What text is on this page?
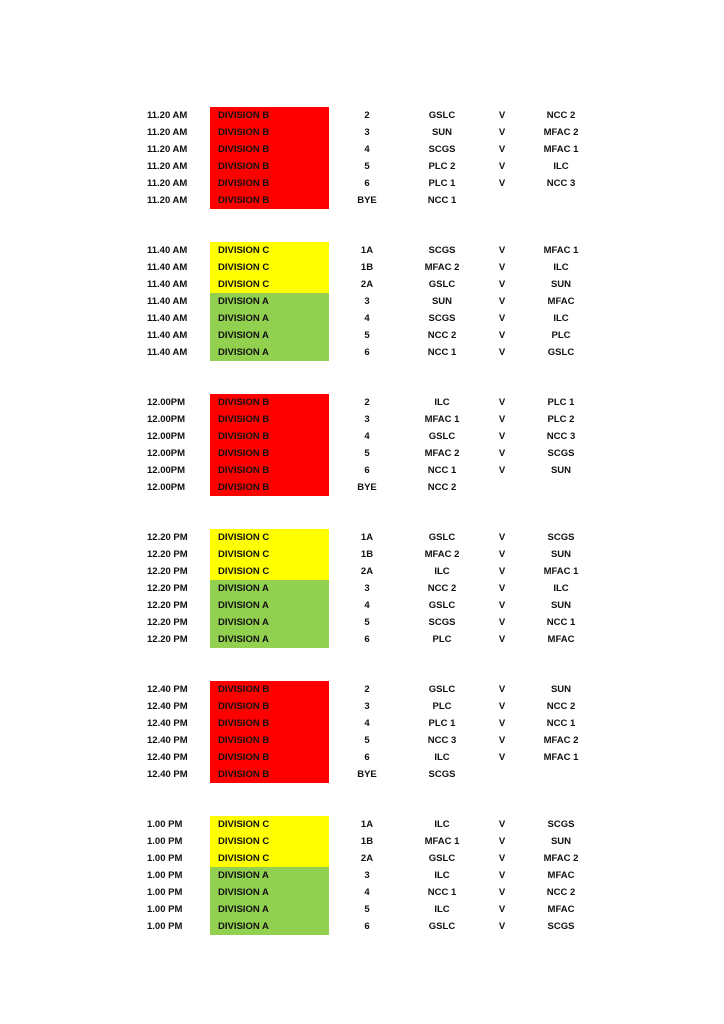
11.20 AM	DIVISION B	2	GSLC	V	NCC 2
11.20 AM	DIVISION B	3	SUN	V	MFAC 2
11.20 AM	DIVISION B	4	SCGS	V	MFAC 1
11.20 AM	DIVISION B	5	PLC 2	V	ILC
11.20 AM	DIVISION B	6	PLC 1	V	NCC 3
11.20 AM	DIVISION B	BYE	NCC 1
11.40 AM	DIVISION C	1A	SCGS	V	MFAC 1
11.40 AM	DIVISION C	1B	MFAC 2	V	ILC
11.40 AM	DIVISION C	2A	GSLC	V	SUN
11.40 AM	DIVISION A	3	SUN	V	MFAC
11.40 AM	DIVISION A	4	SCGS	V	ILC
11.40 AM	DIVISION A	5	NCC 2	V	PLC
11.40 AM	DIVISION A	6	NCC 1	V	GSLC
12.00PM	DIVISION B	2	ILC	V	PLC 1
12.00PM	DIVISION B	3	MFAC 1	V	PLC 2
12.00PM	DIVISION B	4	GSLC	V	NCC 3
12.00PM	DIVISION B	5	MFAC 2	V	SCGS
12.00PM	DIVISION B	6	NCC 1	V	SUN
12.00PM	DIVISION B	BYE	NCC 2
12.20 PM	DIVISION C	1A	GSLC	V	SCGS
12.20 PM	DIVISION C	1B	MFAC 2	V	SUN
12.20 PM	DIVISION C	2A	ILC	V	MFAC 1
12.20 PM	DIVISION A	3	NCC 2	V	ILC
12.20 PM	DIVISION A	4	GSLC	V	SUN
12.20 PM	DIVISION A	5	SCGS	V	NCC 1
12.20 PM	DIVISION A	6	PLC	V	MFAC
12.40 PM	DIVISION B	2	GSLC	V	SUN
12.40 PM	DIVISION B	3	PLC	V	NCC 2
12.40 PM	DIVISION B	4	PLC 1	V	NCC 1
12.40 PM	DIVISION B	5	NCC 3	V	MFAC 2
12.40 PM	DIVISION B	6	ILC	V	MFAC 1
12.40 PM	DIVISION B	BYE	SCGS
1.00 PM	DIVISION C	1A	ILC	V	SCGS
1.00 PM	DIVISION C	1B	MFAC 1	V	SUN
1.00 PM	DIVISION C	2A	GSLC	V	MFAC 2
1.00 PM	DIVISION A	3	ILC	V	MFAC
1.00 PM	DIVISION A	4	NCC 1	V	NCC 2
1.00 PM	DIVISION A	5	ILC	V	MFAC
1.00 PM	DIVISION A	6	GSLC	V	SCGS
